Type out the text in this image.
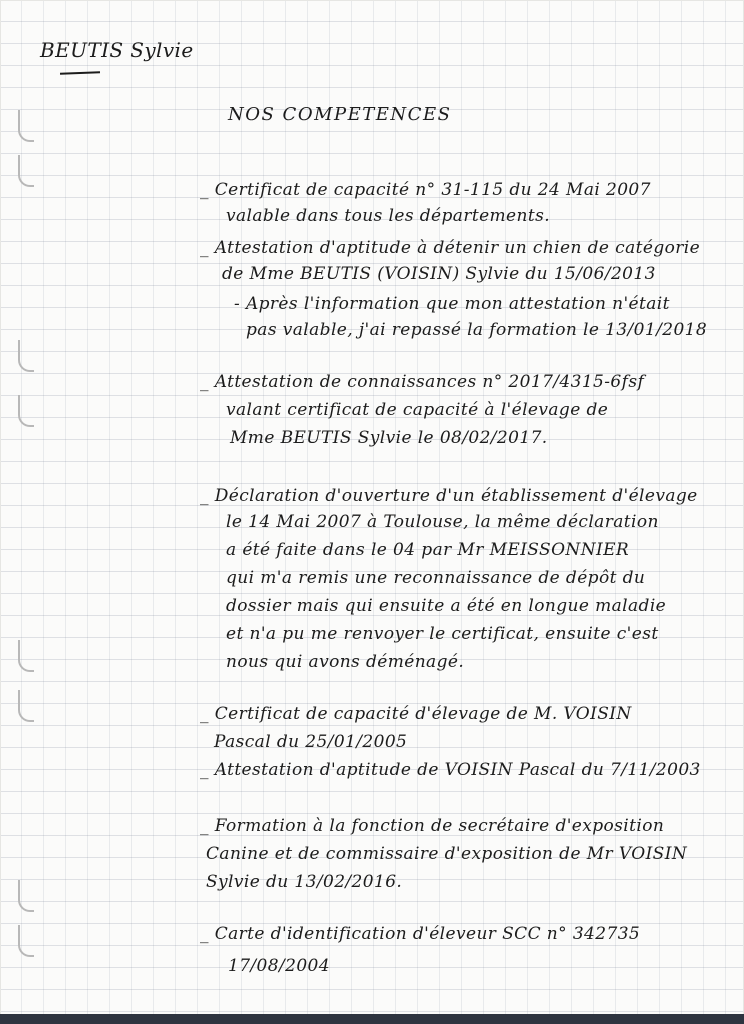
BEUTIS Sylvie
NOS COMPETENCES
_ Certificat de capacité n° 31-115 du 24 Mai 2007
valable dans tous les départements.
_ Attestation d'aptitude à détenir un chien de catégorie
de Mme BEUTIS (VOISIN) Sylvie du 15/06/2013
- Après l'information que mon attestation n'était
pas valable, j'ai repassé la formation le 13/01/2018
_ Attestation de connaissances n° 2017/4315-6fsf
valant certificat de capacité à l'élevage de
Mme BEUTIS Sylvie le 08/02/2017.
_ Déclaration d'ouverture d'un établissement d'élevage
le 14 Mai 2007 à Toulouse, la même déclaration
a été faite dans le 04 par Mr MEISSONNIER
qui m'a remis une reconnaissance de dépôt du
dossier mais qui ensuite a été en longue maladie
et n'a pu me renvoyer le certificat, ensuite c'est
nous qui avons déménagé.
_ Certificat de capacité d'élevage de M. VOISIN
Pascal du 25/01/2005
_ Attestation d'aptitude de VOISIN Pascal du 7/11/2003
_ Formation à la fonction de secrétaire d'exposition
Canine et de commissaire d'exposition de Mr VOISIN
Sylvie du 13/02/2016.
_ Carte d'identification d'éleveur SCC n° 342735
17/08/2004
